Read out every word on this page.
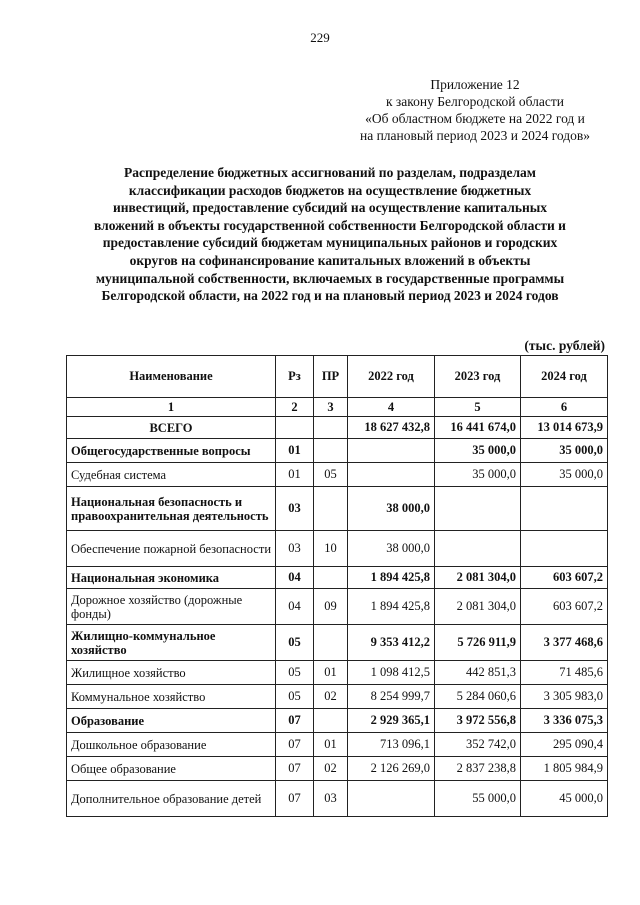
229
Приложение 12
к закону Белгородской области
«Об областном бюджете на 2022 год и
на плановый период 2023 и 2024 годов»
Распределение бюджетных ассигнований по разделам, подразделам
классификации расходов бюджетов на осуществление бюджетных
инвестиций, предоставление субсидий на осуществление капитальных
вложений в объекты государственной собственности Белгородской области и
предоставление субсидий бюджетам муниципальных районов и городских
округов на софинансирование капитальных вложений в объекты
муниципальной собственности, включаемых в государственные программы
Белгородской области, на 2022 год и на плановый период 2023 и 2024 годов
(тыс. рублей)
Наименование	Рз	ПР	2022 год	2023 год	2024 год
1	2	3	4	5	6
ВСЕГО			18 627 432,8	16 441 674,0	13 014 673,9
Общегосударственные вопросы	01			35 000,0	35 000,0
Судебная система	01	05		35 000,0	35 000,0
Национальная безопасность и правоохранительная деятельность	03		38 000,0		
Обеспечение пожарной безопасности	03	10	38 000,0		
Национальная экономика	04		1 894 425,8	2 081 304,0	603 607,2
Дорожное хозяйство (дорожные фонды)	04	09	1 894 425,8	2 081 304,0	603 607,2
Жилищно-коммунальное хозяйство	05		9 353 412,2	5 726 911,9	3 377 468,6
Жилищное хозяйство	05	01	1 098 412,5	442 851,3	71 485,6
Коммунальное хозяйство	05	02	8 254 999,7	5 284 060,6	3 305 983,0
Образование	07		2 929 365,1	3 972 556,8	3 336 075,3
Дошкольное образование	07	01	713 096,1	352 742,0	295 090,4
Общее образование	07	02	2 126 269,0	2 837 238,8	1 805 984,9
Дополнительное образование детей	07	03		55 000,0	45 000,0
